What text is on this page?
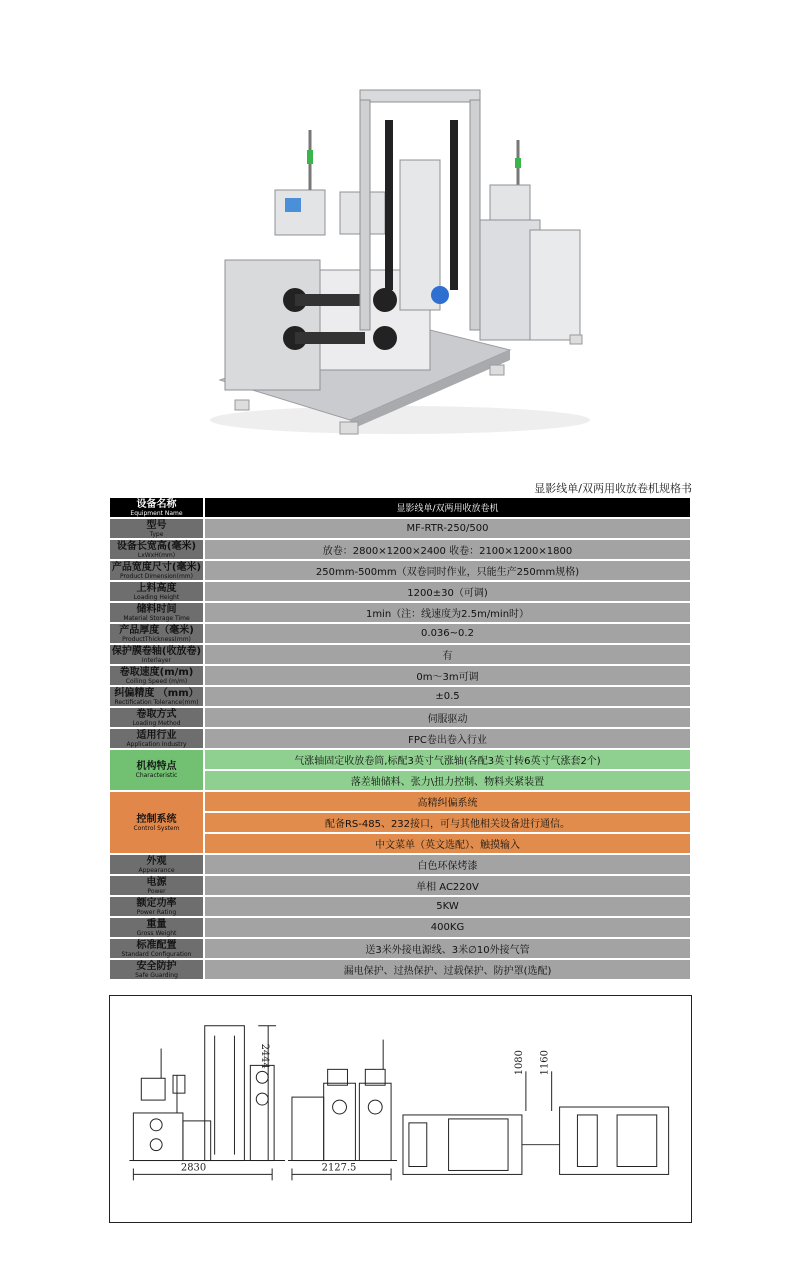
显影线单/双两用收放卷机规格书
设备名称
Equipment Name	显影线单/双两用收放卷机

型号
Type	MF-RTR-250/500

设备长宽高(毫米)
LxWxH(mm)	放卷：2800×1200×2400 收卷：2100×1200×1800

产品宽度尺寸(毫米)
Product Dimension(mm)	250mm-500mm（双卷同时作业，只能生产250mm规格)

上料高度
Loading Height	1200±30（可调)

储料时间
Material Storage Time	1min（注：线速度为2.5m/min时）

产品厚度（毫米)
ProductThickness(mm)	0.036~0.2

保护膜卷轴(收放卷)
Interlayer	有

卷取速度(m/m)
Coiling Speed (m/m)	0m～3m可调

纠偏精度 （mm）
Rectification Tolerance(mm)	±0.5

卷取方式
Loading Method	伺服驱动

适用行业
Application Industry	FPC卷出卷入行业

机构特点
Characteristic	气涨轴固定收放卷筒,标配3英寸气涨轴(各配3英寸转6英寸气涨套2个)
	落差轴储料、张力\扭力控制、物料夹紧装置

控制系统
Control System	高精纠偏系统
	配备RS-485、232接口，可与其他相关设备进行通信。
	中文菜单（英文选配）、触摸输入

外观
Appearance	白色环保烤漆

电源
Power	单相 AC220V

额定功率
Power Rating	5KW

重量
Gross Weight	400KG

标准配置
Standard Configuration	送3米外接电源线、3米∅10外接气管

安全防护
Safe Guarding	漏电保护、过热保护、过载保护、防护罩(选配)
2444
2830	2127.5
1080 1160
